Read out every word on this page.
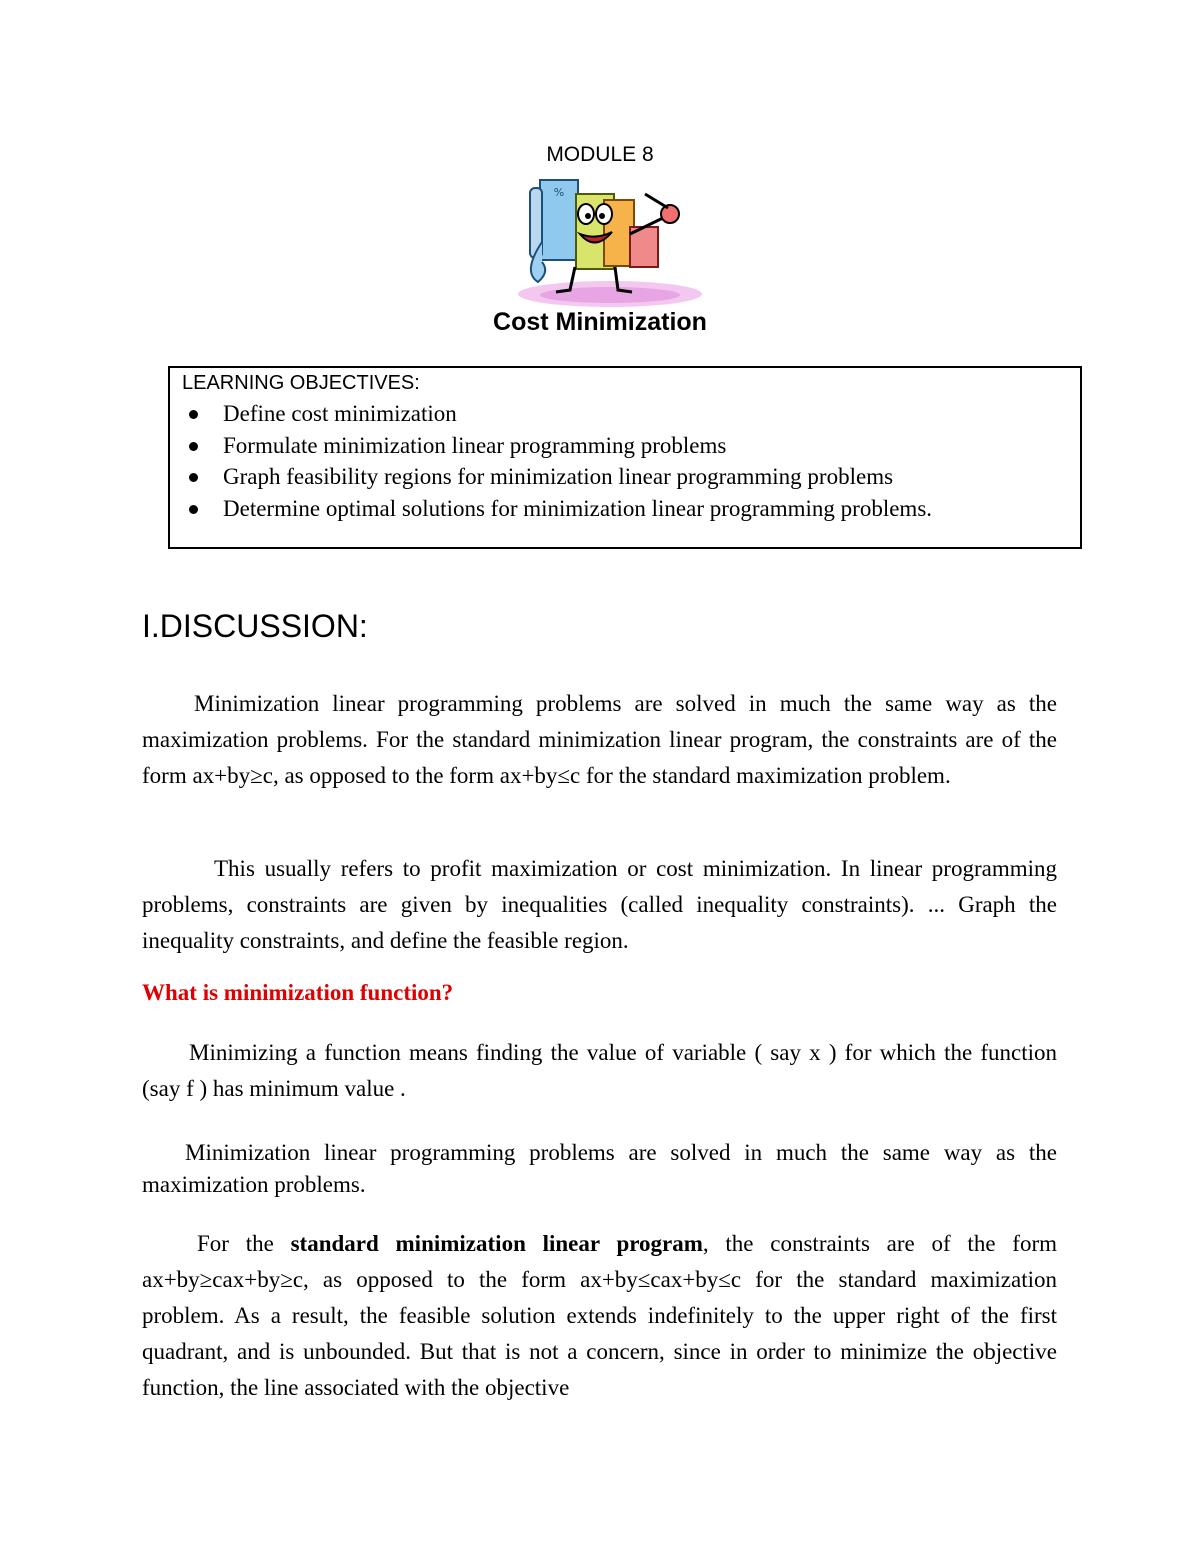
MODULE 8
%
Cost Minimization
LEARNING OBJECTIVES:
Define cost minimization
Formulate minimization linear programming problems
Graph feasibility regions for minimization linear programming problems
Determine optimal solutions for minimization linear programming problems.
I.DISCUSSION:

Minimization linear programming problems are solved in much the same way as the maximization problems. For the standard minimization linear program, the constraints are of the form ax+by≥c, as opposed to the form ax+by≤c for the standard maximization problem.

This usually refers to profit maximization or cost minimization. In linear programming problems, constraints are given by inequalities (called inequality constraints). ... Graph the inequality constraints, and define the feasible region.

What is minimization function?

Minimizing a function means finding the value of variable ( say x ) for which the function (say f ) has minimum value .

Minimization linear programming problems are solved in much the same way as the maximization problems.

For the standard minimization linear program, the constraints are of the form ax+by≥cax+by≥c, as opposed to the form ax+by≤cax+by≤c for the standard maximization problem. As a result, the feasible solution extends indefinitely to the upper right of the first quadrant, and is unbounded. But that is not a concern, since in order to minimize the objective function, the line associated with the objective
